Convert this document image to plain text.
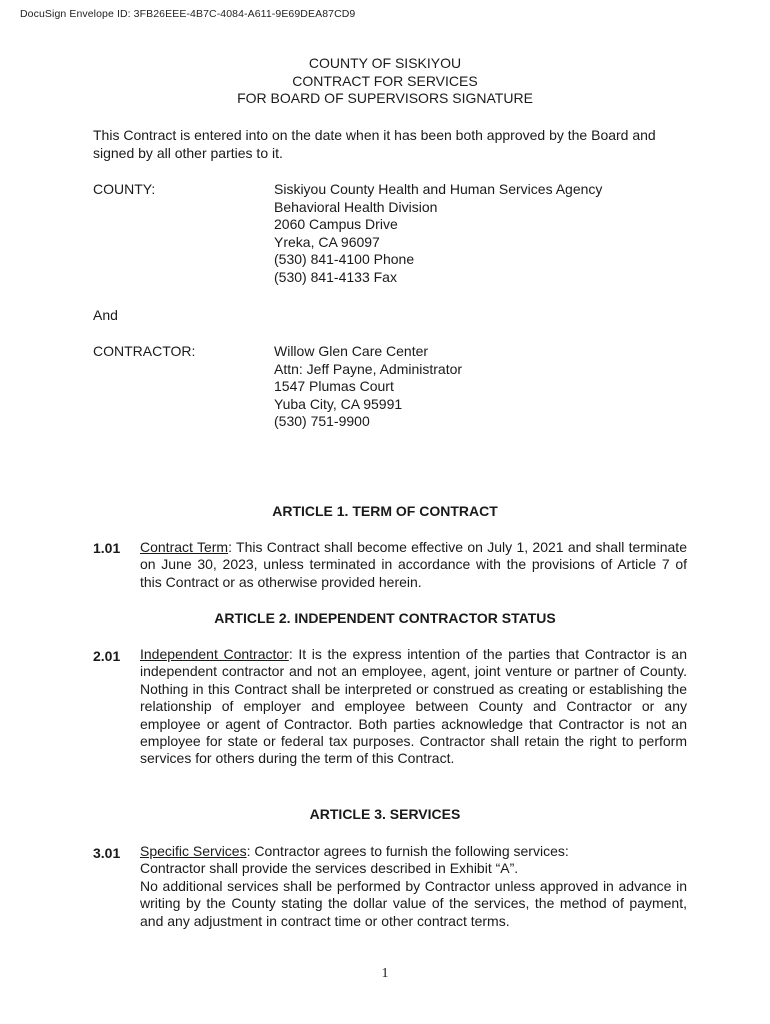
DocuSign Envelope ID: 3FB26EEE-4B7C-4084-A611-9E69DEA87CD9
COUNTY OF SISKIYOU
CONTRACT FOR SERVICES
FOR BOARD OF SUPERVISORS SIGNATURE
This Contract is entered into on the date when it has been both approved by the Board and signed by all other parties to it.
COUNTY:	Siskiyou County Health and Human Services Agency
Behavioral Health Division
2060 Campus Drive
Yreka, CA 96097
(530) 841-4100 Phone
(530) 841-4133 Fax
And
CONTRACTOR:	Willow Glen Care Center
Attn: Jeff Payne, Administrator
1547 Plumas Court
Yuba City, CA 95991
(530) 751-9900
ARTICLE 1. TERM OF CONTRACT
1.01 Contract Term: This Contract shall become effective on July 1, 2021 and shall terminate on June 30, 2023, unless terminated in accordance with the provisions of Article 7 of this Contract or as otherwise provided herein.

ARTICLE 2. INDEPENDENT CONTRACTOR STATUS
2.01 Independent Contractor: It is the express intention of the parties that Contractor is an independent contractor and not an employee, agent, joint venture or partner of County. Nothing in this Contract shall be interpreted or construed as creating or establishing the relationship of employer and employee between County and Contractor or any employee or agent of Contractor. Both parties acknowledge that Contractor is not an employee for state or federal tax purposes. Contractor shall retain the right to perform services for others during the term of this Contract.

ARTICLE 3. SERVICES
3.01 Specific Services: Contractor agrees to furnish the following services:

Contractor shall provide the services described in Exhibit “A”.

No additional services shall be performed by Contractor unless approved in advance in writing by the County stating the dollar value of the services, the method of payment, and any adjustment in contract time or other contract terms.

1
